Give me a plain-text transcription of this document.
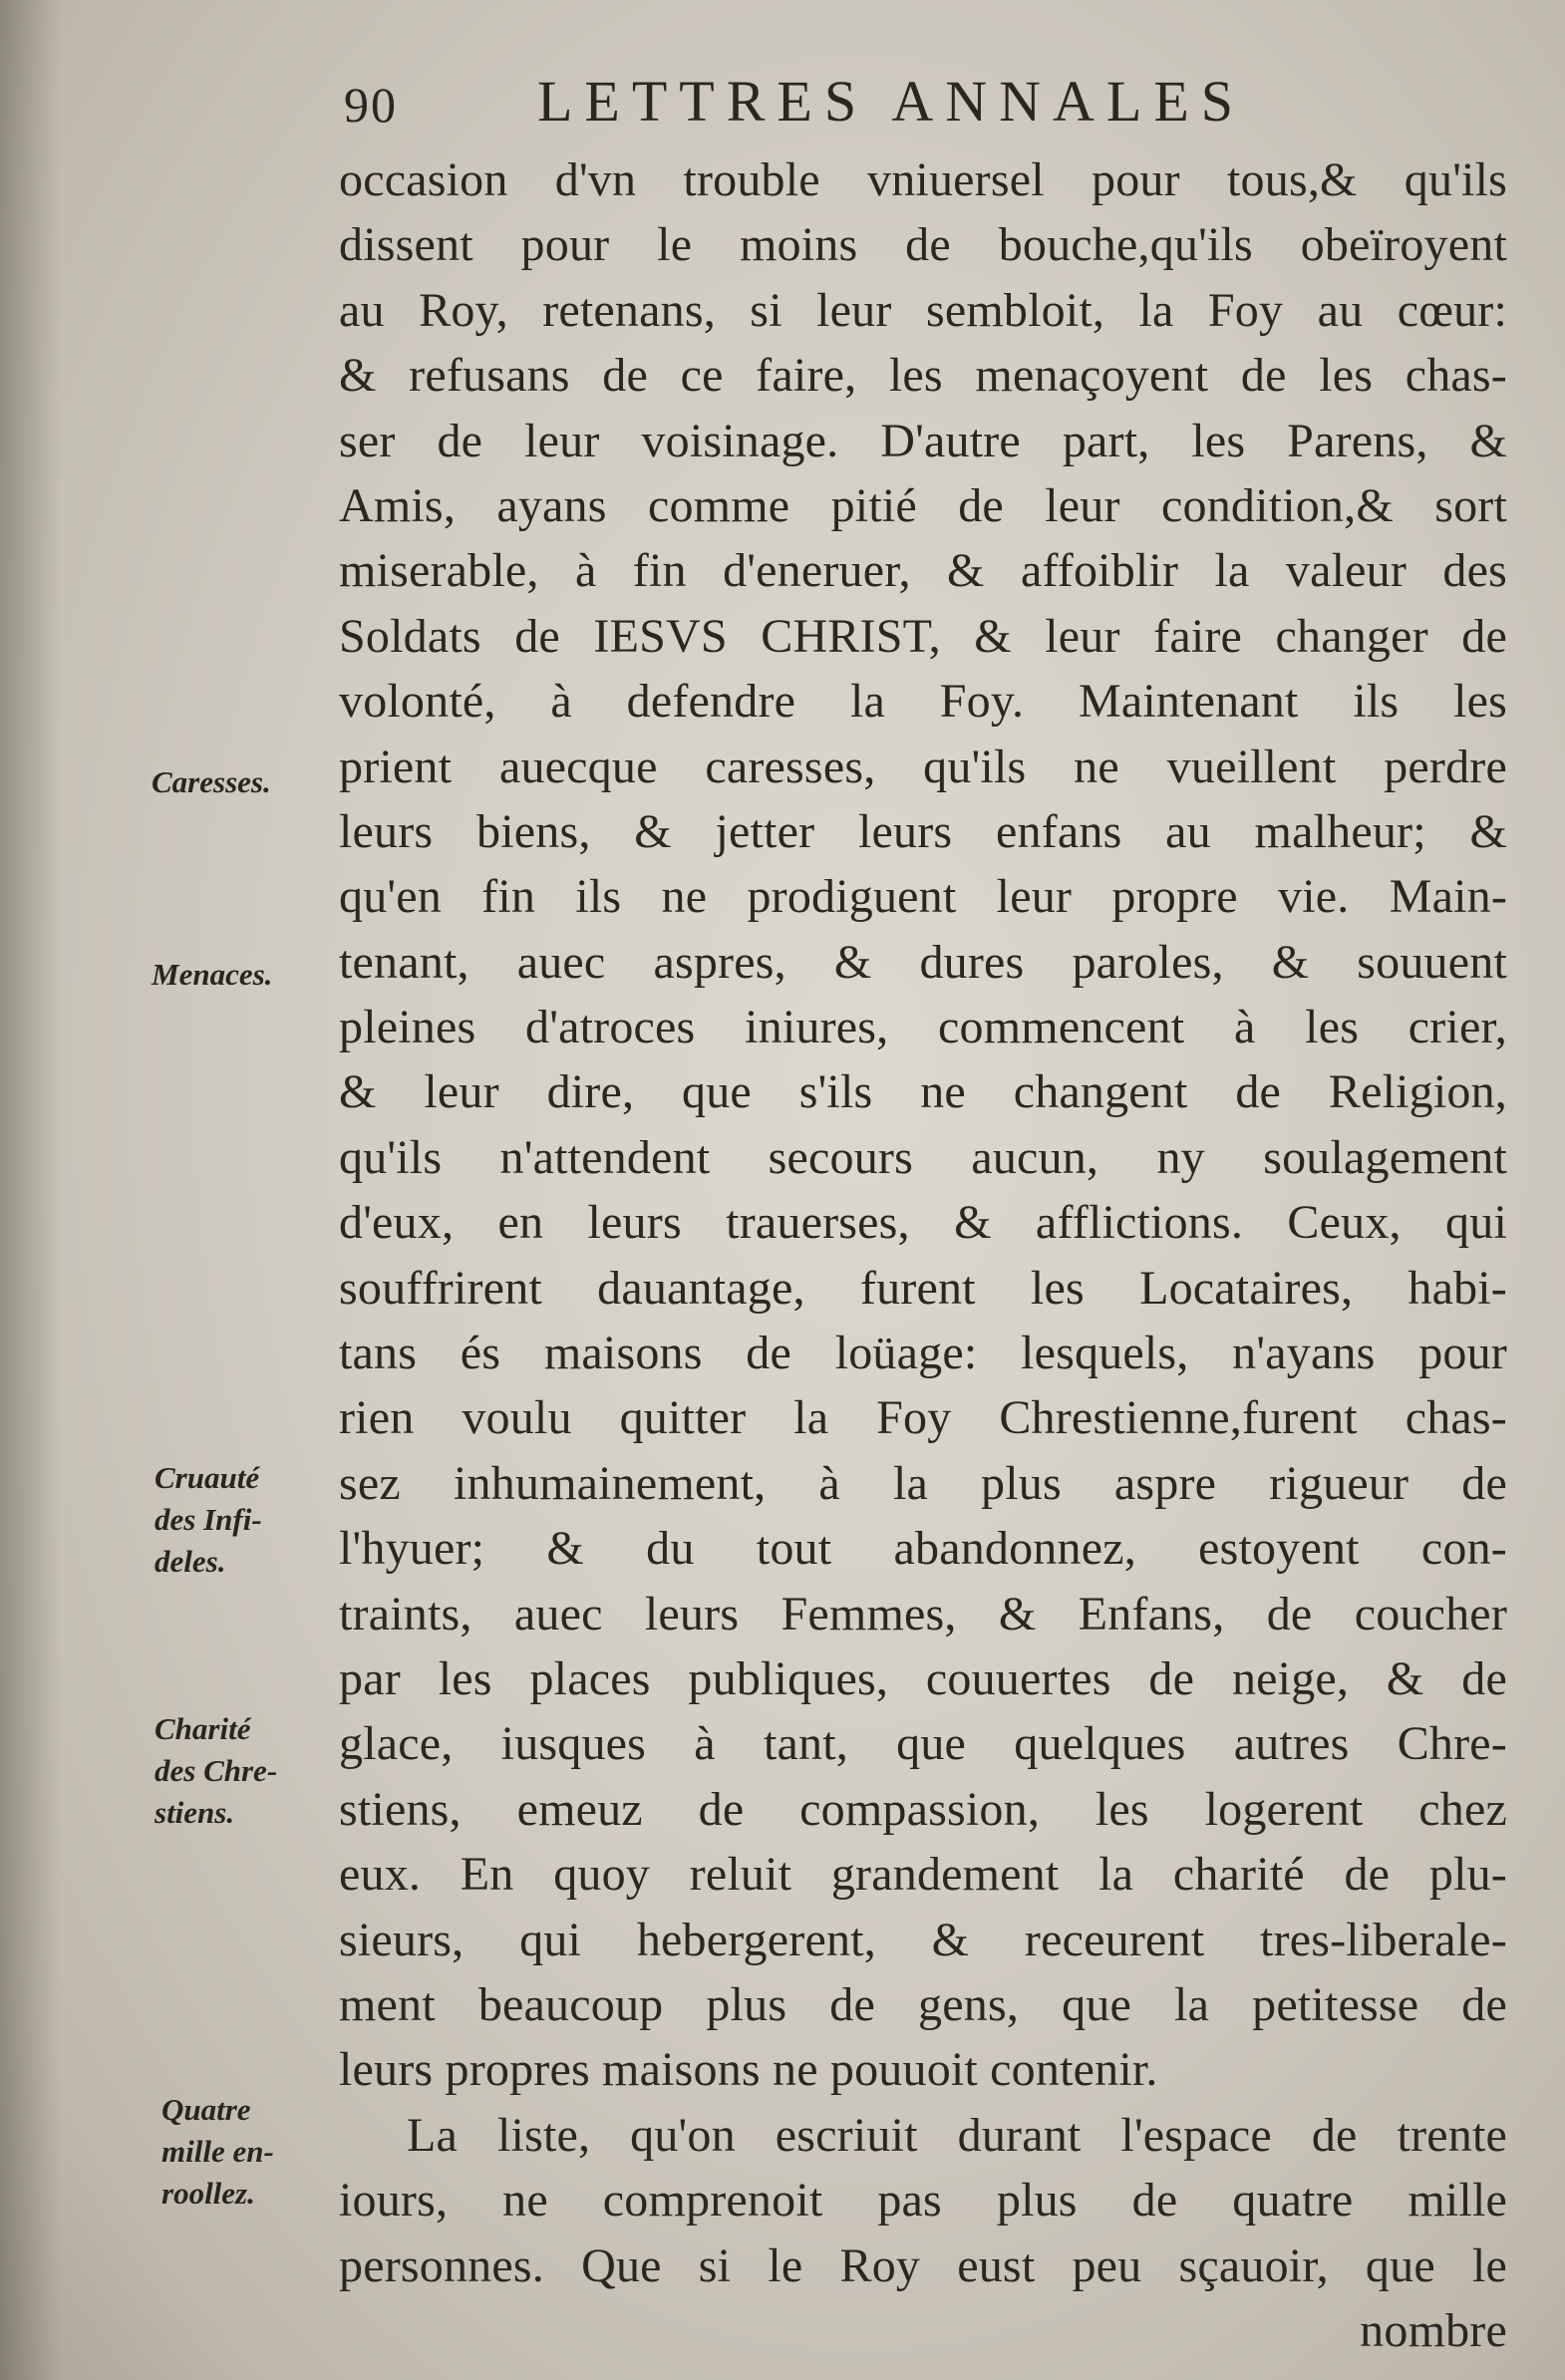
90 LETTRES ANNALES
occasion d'vn trouble vniuersel pour tous,& qu'ils
dissent pour le moins de bouche,qu'ils obeïroyent
au Roy, retenans, si leur sembloit, la Foy au cœur:
& refusans de ce faire, les menaçoyent de les chas-
ser de leur voisinage. D'autre part, les Parens, &
Amis, ayans comme pitié de leur condition,& sort
miserable, à fin d'eneruer, & affoiblir la valeur des
Soldats de IESVS CHRIST, & leur faire changer de
volonté, à defendre la Foy. Maintenant ils les
prient auecque caresses, qu'ils ne vueillent perdre
leurs biens, & jetter leurs enfans au malheur; &
qu'en fin ils ne prodiguent leur propre vie. Main-
tenant, auec aspres, & dures paroles, & souuent
pleines d'atroces iniures, commencent à les crier,
& leur dire, que s'ils ne changent de Religion,
qu'ils n'attendent secours aucun, ny soulagement
d'eux, en leurs trauerses, & afflictions. Ceux, qui
souffrirent dauantage, furent les Locataires, habi-
tans és maisons de loüage: lesquels, n'ayans pour
rien voulu quitter la Foy Chrestienne,furent chas-
sez inhumainement, à la plus aspre rigueur de
l'hyuer; & du tout abandonnez, estoyent con-
traints, auec leurs Femmes, & Enfans, de coucher
par les places publiques, couuertes de neige, & de
glace, iusques à tant, que quelques autres Chre-
stiens, emeuz de compassion, les logerent chez
eux. En quoy reluit grandement la charité de plu-
sieurs, qui hebergerent, & receurent tres-liberale-
ment beaucoup plus de gens, que la petitesse de
leurs propres maisons ne pouuoit contenir.
La liste, qu'on escriuit durant l'espace de trente
iours, ne comprenoit pas plus de quatre mille
personnes. Que si le Roy eust peu sçauoir, que le
nombre
Caresses.
Menaces.
Cruauté
des Infi-
deles.
Charité
des Chre-
stiens.
Quatre
mille en-
roollez.
